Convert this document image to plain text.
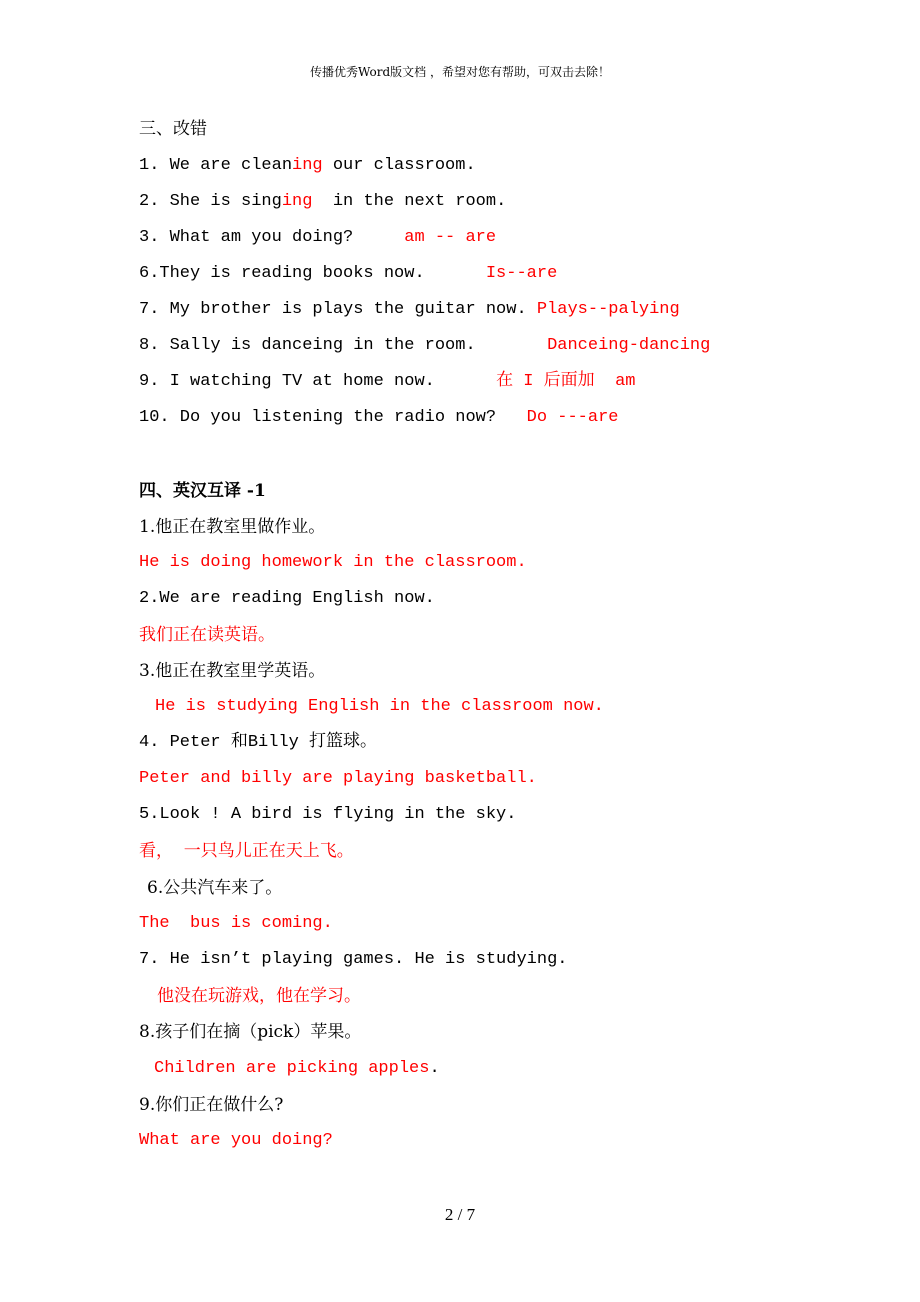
传播优秀Word版文档 ，希望对您有帮助，可双击去除！
三、改错
1. We are cleaning our classroom.
2. She is singing  in the next room.
3. What am you doing?     am -- are
6.They is reading books now.      Is--are
7. My brother is plays the guitar now. Plays--palying
8. Sally is danceing in the room.       Danceing-dancing
9. I watching TV at home now.      在 I 后面加  am
10. Do you listening the radio now?   Do ---are
四、英汉互译 -1
1.他正在教室里做作业。
He is doing homework in the classroom.
2.We are reading English now.
我们正在读英语。
3.他正在教室里学英语。
He is studying English in the classroom now.
4. Peter 和Billy 打篮球。
Peter and billy are playing basketball.
5.Look ! A bird is flying in the sky.
看，  一只鸟儿正在天上飞。
6.公共汽车来了。
The  bus is coming.
7. He isn’t playing games. He is studying.
他没在玩游戏，他在学习。
8.孩子们在摘（pick）苹果。
Children are picking apples.
9.你们正在做什么?
What are you doing?
2 / 7
